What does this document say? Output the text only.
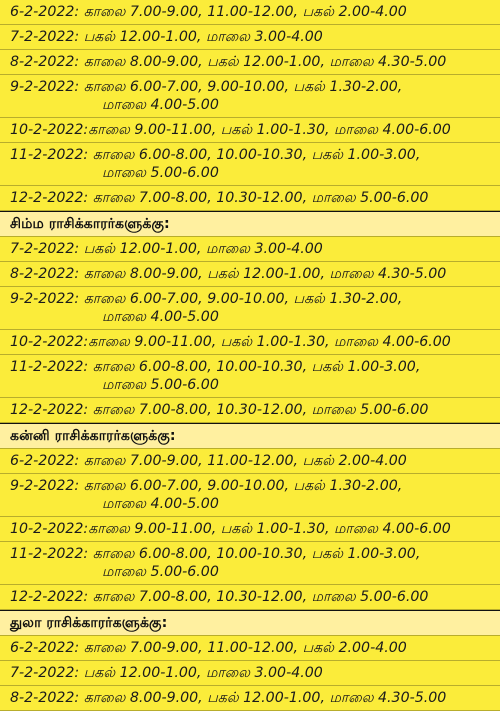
6-2-2022: காலை 7.00-9.00, 11.00-12.00, பகல் 2.00-4.00
7-2-2022: பகல் 12.00-1.00, மாலை 3.00-4.00
8-2-2022: காலை 8.00-9.00, பகல் 12.00-1.00, மாலை 4.30-5.00
9-2-2022: காலை 6.00-7.00, 9.00-10.00, பகல் 1.30-2.00,
மாலை 4.00-5.00
10-2-2022:காலை 9.00-11.00, பகல் 1.00-1.30, மாலை 4.00-6.00
11-2-2022: காலை 6.00-8.00, 10.00-10.30, பகல் 1.00-3.00,
மாலை 5.00-6.00
12-2-2022: காலை 7.00-8.00, 10.30-12.00, மாலை 5.00-6.00
சிம்ம ராசிக்காரர்களுக்கு:
7-2-2022: பகல் 12.00-1.00, மாலை 3.00-4.00
8-2-2022: காலை 8.00-9.00, பகல் 12.00-1.00, மாலை 4.30-5.00
9-2-2022: காலை 6.00-7.00, 9.00-10.00, பகல் 1.30-2.00,
மாலை 4.00-5.00
10-2-2022:காலை 9.00-11.00, பகல் 1.00-1.30, மாலை 4.00-6.00
11-2-2022: காலை 6.00-8.00, 10.00-10.30, பகல் 1.00-3.00,
மாலை 5.00-6.00
12-2-2022: காலை 7.00-8.00, 10.30-12.00, மாலை 5.00-6.00
கன்னி ராசிக்காரர்களுக்கு:
6-2-2022: காலை 7.00-9.00, 11.00-12.00, பகல் 2.00-4.00
9-2-2022: காலை 6.00-7.00, 9.00-10.00, பகல் 1.30-2.00,
மாலை 4.00-5.00
10-2-2022:காலை 9.00-11.00, பகல் 1.00-1.30, மாலை 4.00-6.00
11-2-2022: காலை 6.00-8.00, 10.00-10.30, பகல் 1.00-3.00,
மாலை 5.00-6.00
12-2-2022: காலை 7.00-8.00, 10.30-12.00, மாலை 5.00-6.00
துலா ராசிக்காரர்களுக்கு:
6-2-2022: காலை 7.00-9.00, 11.00-12.00, பகல் 2.00-4.00
7-2-2022: பகல் 12.00-1.00, மாலை 3.00-4.00
8-2-2022: காலை 8.00-9.00, பகல் 12.00-1.00, மாலை 4.30-5.00
